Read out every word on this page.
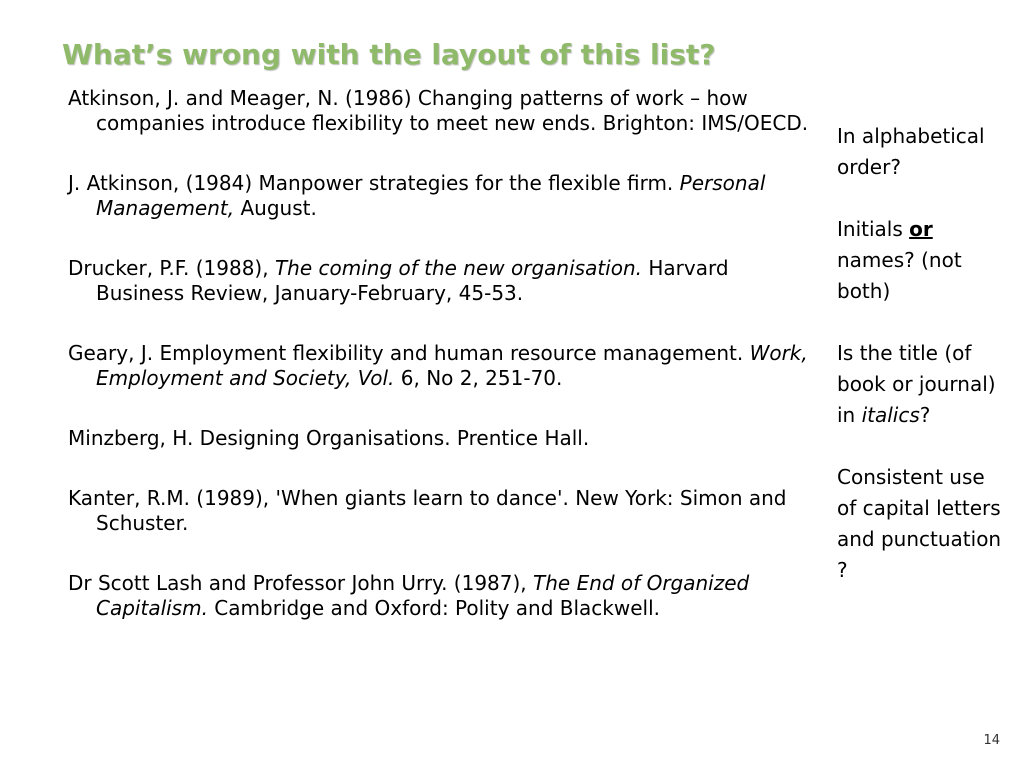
What’s wrong with the layout of this list?
Atkinson, J. and Meager, N. (1986) Changing patterns of work – how companies introduce flexibility to meet new ends. Brighton: IMS/OECD.
J. Atkinson, (1984) Manpower strategies for the flexible firm. Personal Management, August.
Drucker, P.F. (1988), The coming of the new organisation. Harvard Business Review, January-February, 45-53.
Geary, J. Employment flexibility and human resource management. Work, Employment and Society, Vol. 6, No 2, 251-70.
Minzberg, H. Designing Organisations. Prentice Hall.
Kanter, R.M. (1989), 'When giants learn to dance'. New York: Simon and Schuster.
Dr Scott Lash and Professor John Urry. (1987), The End of Organized Capitalism. Cambridge and Oxford: Polity and Blackwell.
In alphabetical order?
Initials or names? (not both)
Is the title (of book or journal) in italics?
Consistent use of capital letters and punctuation ?
14
